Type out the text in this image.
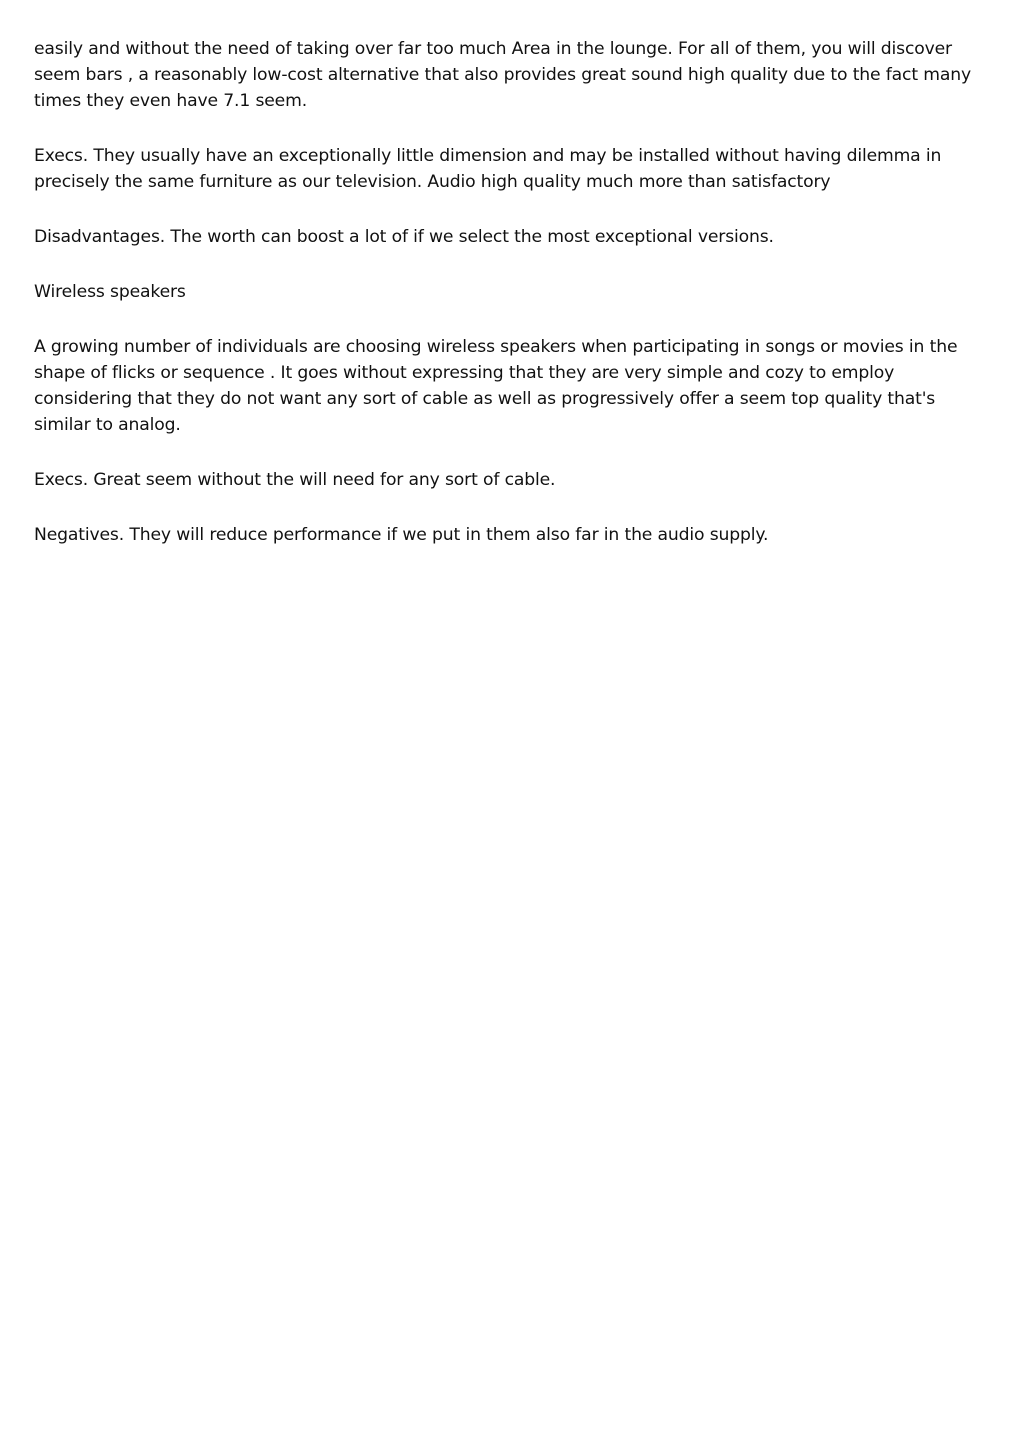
easily and without the need of taking over far too much Area in the lounge. For all of them, you will discover seem bars , a reasonably low-cost alternative that also provides great sound high quality due to the fact many times they even have 7.1 seem.

Execs. They usually have an exceptionally little dimension and may be installed without having dilemma in precisely the same furniture as our television. Audio high quality much more than satisfactory

Disadvantages. The worth can boost a lot of if we select the most exceptional versions.

Wireless speakers

A growing number of individuals are choosing wireless speakers when participating in songs or movies in the shape of flicks or sequence . It goes without expressing that they are very simple and cozy to employ considering that they do not want any sort of cable as well as progressively offer a seem top quality that's similar to analog.

Execs. Great seem without the will need for any sort of cable.

Negatives. They will reduce performance if we put in them also far in the audio supply.
